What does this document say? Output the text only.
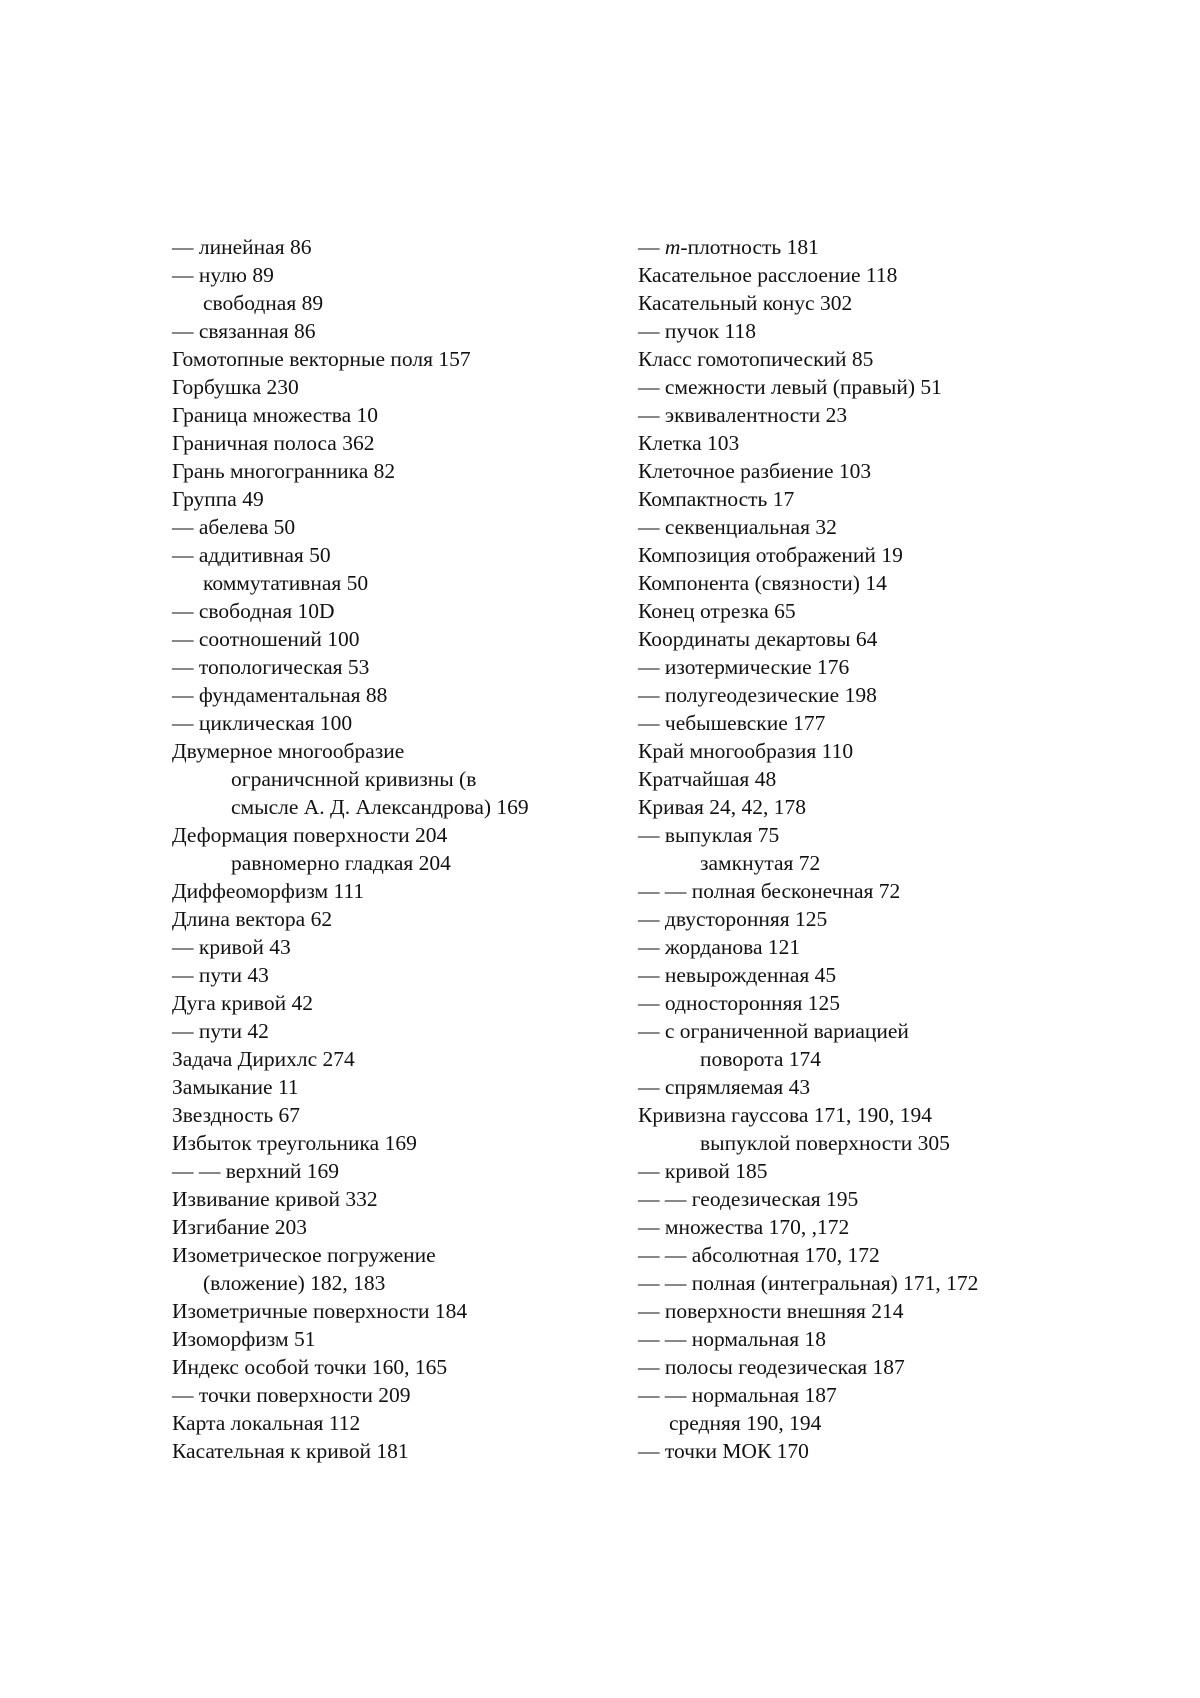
— линейная 86
— нулю 89
свободная 89
— связанная 86
Гомотопные векторные поля 157
Горбушка 230
Граница множества 10
Граничная полоса 362
Грань многогранника 82
Группа 49
— абелева 50
— аддитивная 50
коммутативная 50
— свободная 10D
— соотношений 100
— топологическая 53
— фундаментальная 88
— циклическая 100
Двумерное многообразие
ограничснной кривизны (в
смысле А. Д. Александрова) 169
Деформация поверхности 204
равномерно гладкая 204
Диффеоморфизм 111
Длина вектора 62
— кривой 43
— пути 43
Дуга кривой 42
— пути 42
Задача Дирихлс 274
Замыкание 11
Звездность 67
Избыток треугольника 169
— — верхний 169
Извивание кривой 332
Изгибание 203
Изометрическое погружение
(вложение) 182, 183
Изометричные поверхности 184
Изоморфизм 51
Индекс особой точки 160, 165
— точки поверхности 209
Карта локальная 112
Касательная к кривой 181
— m-плотность 181
Касательное расслоение 118
Касательный конус 302
— пучок 118
Класс гомотопический 85
— смежности левый (правый) 51
— эквивалентности 23
Клетка 103
Клеточное разбиение 103
Компактность 17
— секвенциальная 32
Композиция отображений 19
Компонента (связности) 14
Конец отрезка 65
Координаты декартовы 64
— изотермические 176
— полугеодезические 198
— чебышевские 177
Край многообразия 110
Кратчайшая 48
Кривая 24, 42, 178
— выпуклая 75
замкнутая 72
— — полная бесконечная 72
— двусторонняя 125
— жорданова 121
— невырожденная 45
— односторонняя 125
— с ограниченной вариацией
поворота 174
— спрямляемая 43
Кривизна гауссова 171, 190, 194
выпуклой поверхности 305
— кривой 185
— — геодезическая 195
— множества 170, ,172
— — абсолютная 170, 172
— — полная (интегральная) 171, 172
— поверхности внешняя 214
— — нормальная 18
— полосы геодезическая 187
— — нормальная 187
средняя 190, 194
— точки МОК 170
